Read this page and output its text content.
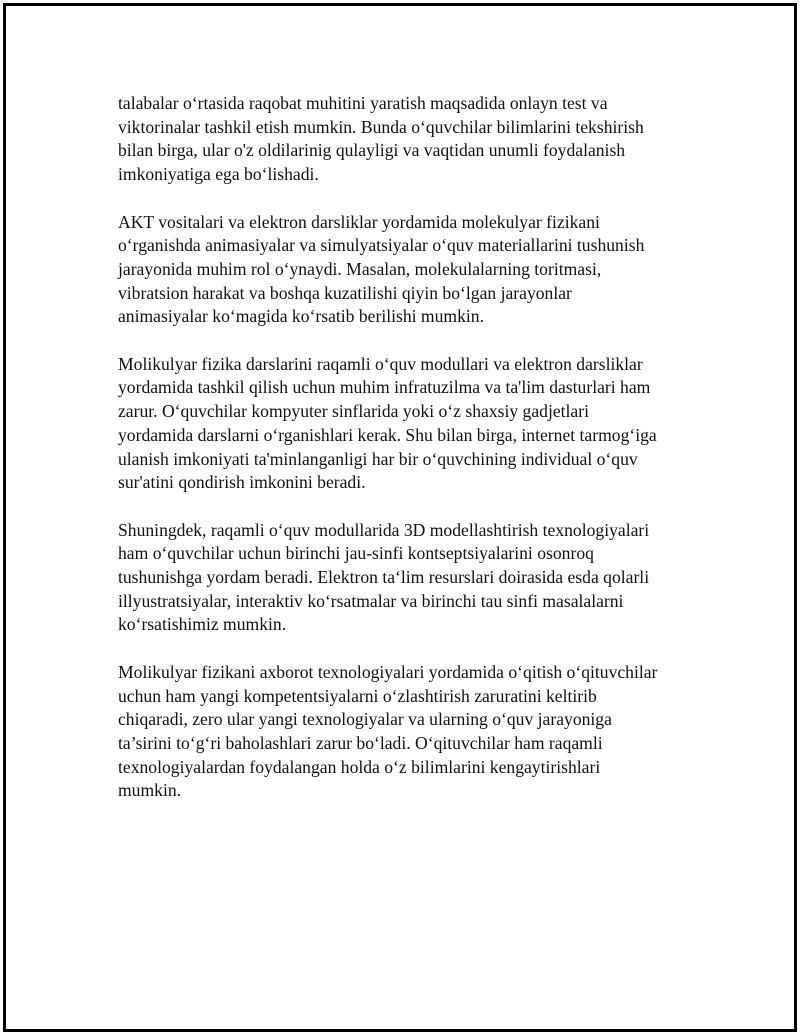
talabalar o‘rtasida raqobat muhitini yaratish maqsadida onlayn test va
viktorinalar tashkil etish mumkin. Bunda o‘quvchilar bilimlarini tekshirish
bilan birga, ular o'z oldilarinig qulayligi va vaqtidan unumli foydalanish
imkoniyatiga ega bo‘lishadi.

AKT vositalari va elektron darsliklar yordamida molekulyar fizikani
o‘rganishda animasiyalar va simulyatsiyalar o‘quv materiallarini tushunish
jarayonida muhim rol o‘ynaydi. Masalan, molekulalarning toritmasi,
vibratsion harakat va boshqa kuzatilishi qiyin bo‘lgan jarayonlar
animasiyalar ko‘magida ko‘rsatib berilishi mumkin.

Molikulyar fizika darslarini raqamli o‘quv modullari va elektron darsliklar
yordamida tashkil qilish uchun muhim infratuzilma va ta'lim dasturlari ham
zarur. O‘quvchilar kompyuter sinflarida yoki o‘z shaxsiy gadjetlari
yordamida darslarni o‘rganishlari kerak. Shu bilan birga, internet tarmog‘iga
ulanish imkoniyati ta'minlanganligi har bir o‘quvchining individual o‘quv
sur'atini qondirish imkonini beradi.

Shuningdek, raqamli o‘quv modullarida 3D modellashtirish texnologiyalari
ham o‘quvchilar uchun birinchi jau-sinfi kontseptsiyalarini osonroq
tushunishga yordam beradi. Elektron ta‘lim resurslari doirasida esda qolarli
illyustratsiyalar, interaktiv ko‘rsatmalar va birinchi tau sinfi masalalarni
ko‘rsatishimiz mumkin.

Molikulyar fizikani axborot texnologiyalari yordamida o‘qitish o‘qituvchilar
uchun ham yangi kompetentsiyalarni o‘zlashtirish zaruratini keltirib
chiqaradi, zero ular yangi texnologiyalar va ularning o‘quv jarayoniga
ta’sirini to‘g‘ri baholashlari zarur bo‘ladi. O‘qituvchilar ham raqamli
texnologiyalardan foydalangan holda o‘z bilimlarini kengaytirishlari
mumkin.
